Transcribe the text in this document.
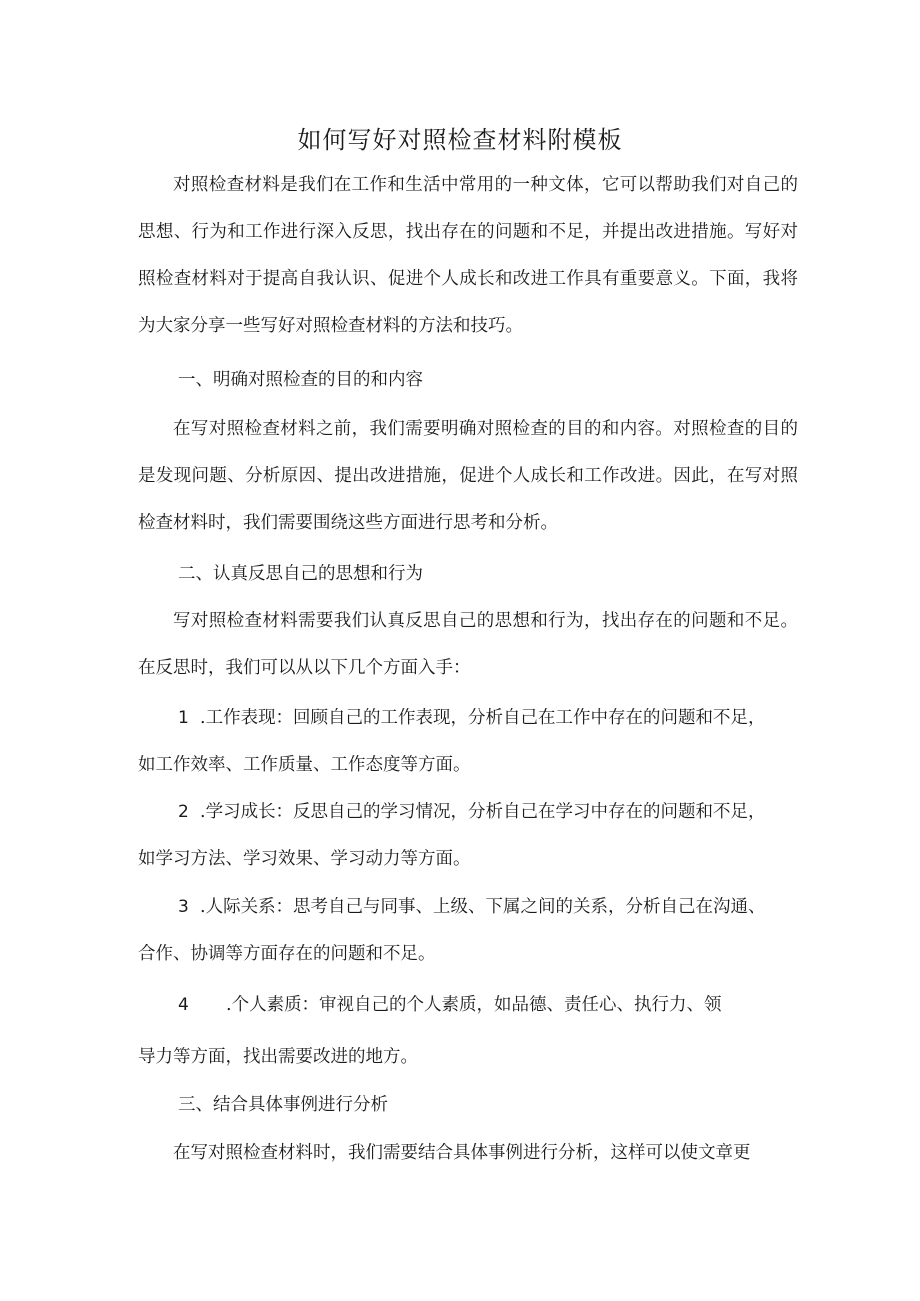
如何写好对照检查材料附模板

对照检查材料是我们在工作和生活中常用的一种文体，它可以帮助我们对自己的思想、行为和工作进行深入反思，找出存在的问题和不足，并提出改进措施。写好对照检查材料对于提高自我认识、促进个人成长和改进工作具有重要意义。下面，我将为大家分享一些写好对照检查材料的方法和技巧。

一、明确对照检查的目的和内容

在写对照检查材料之前，我们需要明确对照检查的目的和内容。对照检查的目的是发现问题、分析原因、提出改进措施，促进个人成长和工作改进。因此，在写对照检查材料时，我们需要围绕这些方面进行思考和分析。

二、认真反思自己的思想和行为

写对照检查材料需要我们认真反思自己的思想和行为，找出存在的问题和不足。在反思时，我们可以从以下几个方面入手：

1 .工作表现：回顾自己的工作表现，分析自己在工作中存在的问题和不足，

如工作效率、工作质量、工作态度等方面。

2 .学习成长：反思自己的学习情况，分析自己在学习中存在的问题和不足，

如学习方法、学习效果、学习动力等方面。

3 .人际关系：思考自己与同事、上级、下属之间的关系，分析自己在沟通、

合作、协调等方面存在的问题和不足。

4 .个人素质：审视自己的个人素质，如品德、责任心、执行力、领

导力等方面，找出需要改进的地方。

三、结合具体事例进行分析

在写对照检查材料时，我们需要结合具体事例进行分析，这样可以使文章更
